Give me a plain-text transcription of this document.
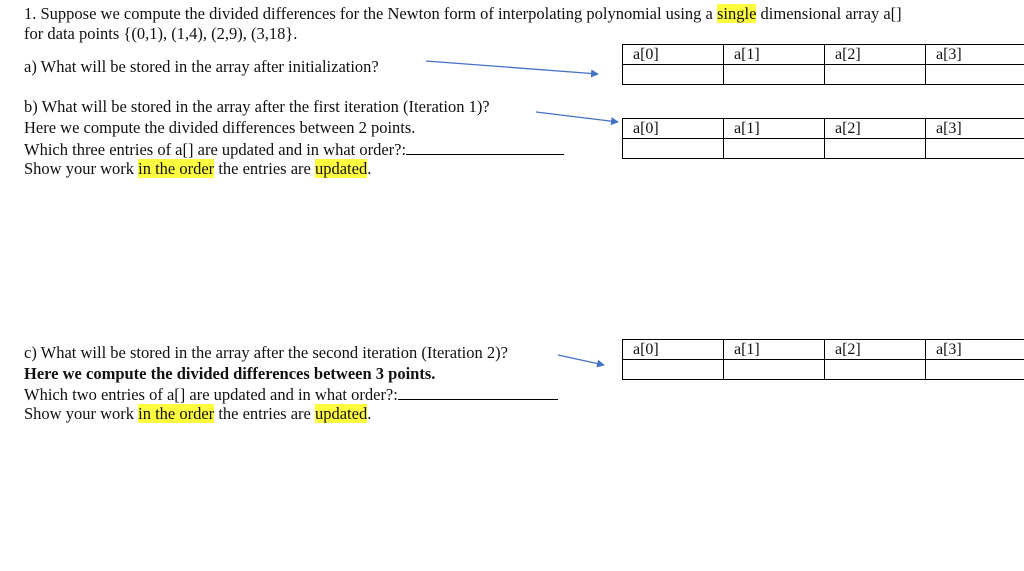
1. Suppose we compute the divided differences for the Newton form of interpolating polynomial using a single dimensional array a[]
for data points {(0,1), (1,4), (2,9), (3,18}.
a) What will be stored in the array after initialization?
b) What will be stored in the array after the first iteration (Iteration 1)?
Here we compute the divided differences between 2 points.
Which three entries of a[] are updated and in what order?:
Show your work in the order the entries are updated.
c) What will be stored in the array after the second iteration (Iteration 2)?
Here we compute the divided differences between 3 points.
Which two entries of a[] are updated and in what order?:
Show your work in the order the entries are updated.
a[0]	a[1]	a[2]	a[3]

a[0]	a[1]	a[2]	a[3]

a[0]	a[1]	a[2]	a[3]
